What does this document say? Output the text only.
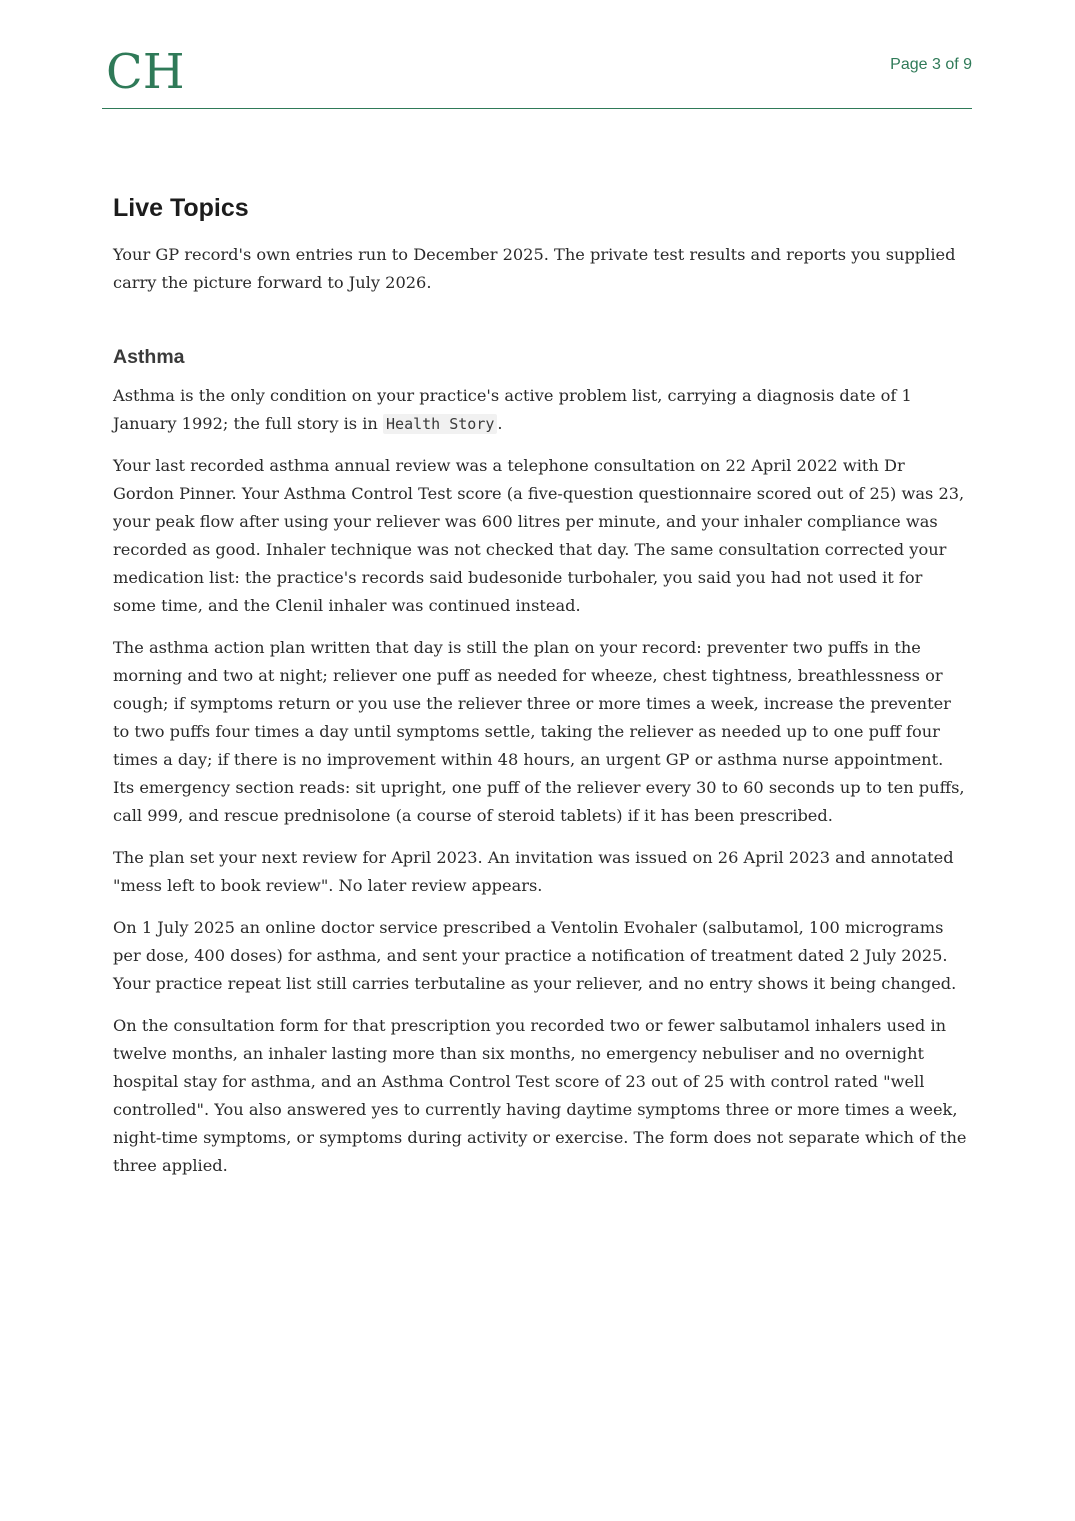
CH	Page 3 of 9
Live Topics

Your GP record's own entries run to December 2025. The private test results and reports you supplied carry the picture forward to July 2026.

Asthma

Asthma is the only condition on your practice's active problem list, carrying a diagnosis date of 1 January 1992; the full story is in Health Story .

Your last recorded asthma annual review was a telephone consultation on 22 April 2022 with Dr Gordon Pinner. Your Asthma Control Test score (a five-question questionnaire scored out of 25) was 23, your peak flow after using your reliever was 600 litres per minute, and your inhaler compliance was recorded as good. Inhaler technique was not checked that day. The same consultation corrected your medication list: the practice's records said budesonide turbohaler, you said you had not used it for some time, and the Clenil inhaler was continued instead.

The asthma action plan written that day is still the plan on your record: preventer two puffs in the morning and two at night; reliever one puff as needed for wheeze, chest tightness, breathlessness or cough; if symptoms return or you use the reliever three or more times a week, increase the preventer to two puffs four times a day until symptoms settle, taking the reliever as needed up to one puff four times a day; if there is no improvement within 48 hours, an urgent GP or asthma nurse appointment. Its emergency section reads: sit upright, one puff of the reliever every 30 to 60 seconds up to ten puffs, call 999, and rescue prednisolone (a course of steroid tablets) if it has been prescribed.

The plan set your next review for April 2023. An invitation was issued on 26 April 2023 and annotated "mess left to book review". No later review appears.

On 1 July 2025 an online doctor service prescribed a Ventolin Evohaler (salbutamol, 100 micrograms per dose, 400 doses) for asthma, and sent your practice a notification of treatment dated 2 July 2025. Your practice repeat list still carries terbutaline as your reliever, and no entry shows it being changed.

On the consultation form for that prescription you recorded two or fewer salbutamol inhalers used in twelve months, an inhaler lasting more than six months, no emergency nebuliser and no overnight hospital stay for asthma, and an Asthma Control Test score of 23 out of 25 with control rated "well controlled". You also answered yes to currently having daytime symptoms three or more times a week, night-time symptoms, or symptoms during activity or exercise. The form does not separate which of the three applied.
